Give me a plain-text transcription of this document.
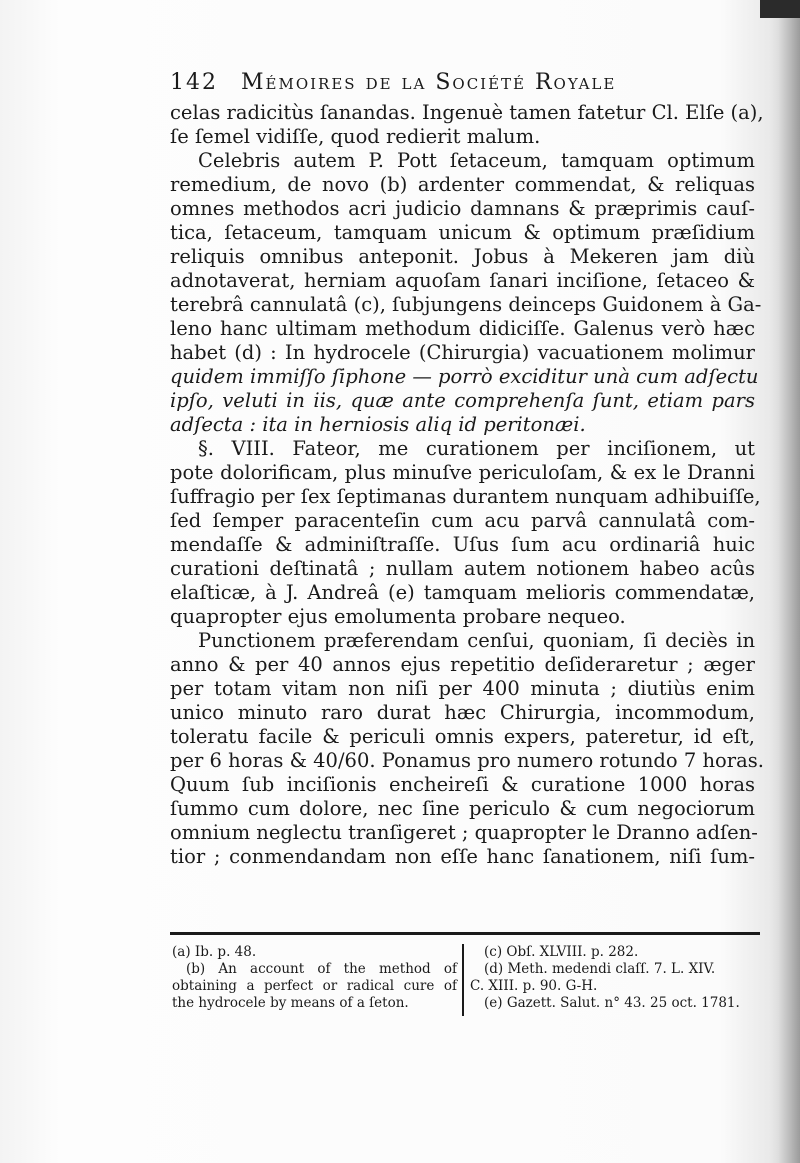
142 Mémoires de la Société Royale
celas radicitùs ſanandas. Ingenuè tamen fatetur Cl. Elſe (a),
ſe ſemel vidiſſe, quod redierit malum.
Celebris autem P. Pott ſetaceum, tamquam optimum
remedium, de novo (b) ardenter commendat, & reliquas
omnes methodos acri judicio damnans & præprimis cauſ-
tica, ſetaceum, tamquam unicum & optimum præſidium
reliquis omnibus anteponit. Jobus à Mekeren jam diù
adnotaverat, herniam aquoſam ſanari inciſione, ſetaceo &
terebrâ cannulatâ (c), ſubjungens deinceps Guidonem à Ga-
leno hanc ultimam methodum didiciſſe. Galenus verò hæc
habet (d) : In hydrocele (Chirurgia) vacuationem molimur
quidem immiſſo ſiphone — porrò exciditur unà cum adſectu
ipſo, veluti in iis, quæ ante comprehenſa ſunt, etiam pars
adſecta : ita in herniosis aliq id peritonæi.
§. VIII. Fateor, me curationem per inciſionem, ut
pote dolorificam, plus minuſve periculoſam, & ex le Dranni
ſuffragio per ſex ſeptimanas durantem nunquam adhibuiſſe,
ſed ſemper paracenteſin cum acu parvâ cannulatâ com-
mendaſſe & adminiſtraſſe. Uſus ſum acu ordinariâ huic
curationi deſtinatâ ; nullam autem notionem habeo acûs
elaſticæ, à J. Andreâ (e) tamquam melioris commendatæ,
quapropter ejus emolumenta probare nequeo.
Punctionem præferendam cenſui, quoniam, ſi deciès in
anno & per 40 annos ejus repetitio deſideraretur ; æger
per totam vitam non niſi per 400 minuta ; diutiùs enim
unico minuto raro durat hæc Chirurgia, incommodum,
toleratu facile & periculi omnis expers, pateretur, id eſt,
per 6 horas & 40/60. Ponamus pro numero rotundo 7 horas.
Quum ſub inciſionis encheireſi & curatione 1000 horas
ſummo cum dolore, nec ſine periculo & cum negociorum
omnium neglectu tranſigeret ; quapropter le Dranno adſen-
tior ; conmendandam non eſſe hanc ſanationem, niſi ſum-
(a) Ib. p. 48.
(b) An account of the method of
obtaining a perfect or radical cure of
the hydrocele by means of a ſeton.
(c) Obſ. XLVIII. p. 282.
(d) Meth. medendi claſſ. 7. L. XIV.
C. XIII. p. 90. G-H.
(e) Gazett. Salut. n° 43. 25 oct. 1781.
